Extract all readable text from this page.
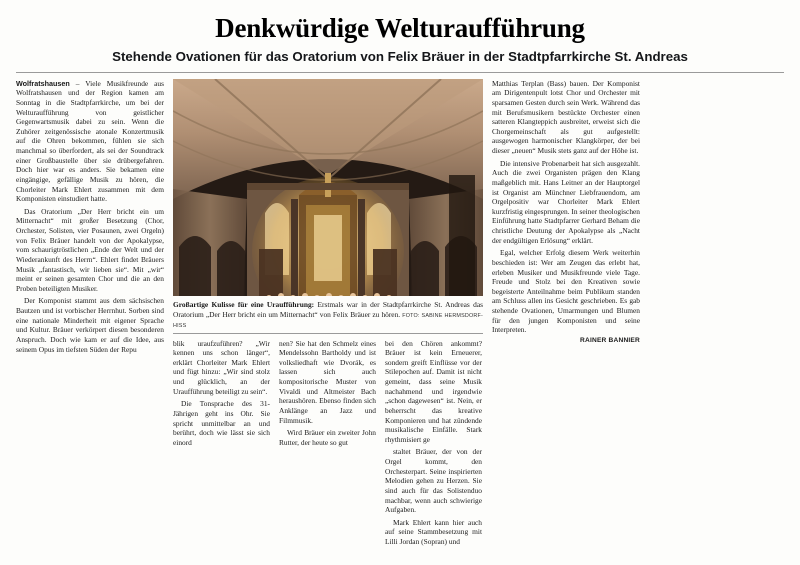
Denkwürdige Welturaufführung
Stehende Ovationen für das Oratorium von Felix Bräuer in der Stadtpfarrkirche St. Andreas

Wolfratshausen – Viele Musikfreunde aus Wolfratshausen und der Region kamen am Sonntag in die Stadtpfarrkirche, um bei der Welturaufführung von geistlicher Gegenwartsmusik dabei zu sein. Wenn die Zuhörer zeitgenössische atonale Konzertmusik auf die Ohren bekommen, fühlen sie sich manchmal so überfordert, als sei der Soundtrack einer Großbaustelle über sie drübergefahren. Doch hier war es anders. Sie bekamen eine eingängige, gefällige Musik zu hören, die Chorleiter Mark Ehlert zusammen mit dem Komponisten einstudiert hatte.

Das Oratorium „Der Herr bricht ein um Mitternacht“ mit großer Besetzung (Chor, Orchester, Solisten, vier Posaunen, zwei Orgeln) von Felix Bräuer handelt von der Apokalypse, vom schaurigtröstlichen „Ende der Welt und der Wiederankunft des Herrn“. Ehlert findet Bräuers Musik „fantastisch, wir lieben sie“. Mit „wir“ meint er seinen gesamten Chor und die an den Proben beteiligten Musiker.

Der Komponist stammt aus dem sächsischen Bautzen und ist vorbischer Herrnhut. Sorben sind eine nationale Minderheit mit eigener Sprache und Kultur. Bräuer verkörpert diesen besonderen Anspruch. Doch wie kam er auf die Idee, aus seinem Opus im tiefsten Süden der Repu

Großartige Kulisse für eine Uraufführung: Erstmals war in der Stadtpfarrkirche St. Andreas das Oratorium „Der Herr bricht ein um Mitternacht“ von Felix Bräuer zu hören. FOTO: SABINE HERMSDORF-HISS

blik uraufzuführen? „Wir kennen uns schon länger“, erklärt Chorleiter Mark Ehlert und fügt hinzu: „Wir sind stolz und glücklich, an der Uraufführung beteiligt zu sein“.

Die Tonsprache des 31-Jährigen geht ins Ohr. Sie spricht unmittelbar an und berührt, doch wie lässt sie sich einord

nen? Sie hat den Schmelz eines Mendelssohn Bartholdy und ist volksliedhaft wie Dvorák, es lassen sich auch kompositorische Muster von Vivaldi und Altmeister Bach heraushören. Ebenso finden sich Anklänge an Jazz und Filmmusik.

Wird Bräuer ein zweiter John Rutter, der heute so gut

bei den Chören ankommt? Bräuer ist kein Erneuerer, sondern greift Einflüsse vor der Stilepochen auf. Damit ist nicht gemeint, dass seine Musik nachahmend und irgendwie „schon dagewesen“ ist. Nein, er beherrscht das kreative Komponieren und hat zündende musikalische Einfälle. Stark rhythmisiert ge

staltet Bräuer, der von der Orgel kommt, den Orchesterpart. Seine inspirierten Melodien gehen zu Herzen. Sie sind auch für das Solistenduo machbar, wenn auch schwierige Aufgaben.

Mark Ehlert kann hier auch auf seine Stammbesetzung mit Lilli Jordan (Sopran) und

Matthias Terplan (Bass) bauen. Der Komponist am Dirigentenpult lotst Chor und Orchester mit sparsamen Gesten durch sein Werk. Während das mit Berufsmusikern bestückte Orchester einen satteren Klangteppich ausbreitet, erweist sich die Chorgemeinschaft als gut aufgestellt: ausgewogen harmonischer Klangkörper, der bei dieser „neuen“ Musik stets ganz auf der Höhe ist.

Die intensive Probenarbeit hat sich ausgezahlt. Auch die zwei Organisten prägen den Klang maßgeblich mit. Hans Leitner an der Hauptorgel ist Organist am Münchner Liebfrauendom, am Orgelpositiv war Chorleiter Mark Ehlert kurzfristig eingesprungen. In seiner theologischen Einführung hatte Stadtpfarrer Gerhard Beham die christliche Deutung der Apokalypse als „Nacht der endgültigen Erlösung“ erklärt.

Egal, welcher Erfolg diesem Werk weiterhin beschieden ist: Wer am Zeugen das erlebt hat, erleben Musiker und Musikfreunde viele Tage. Freude und Stolz bei den Kreativen sowie begeisterte Anteilnahme beim Publikum standen am Schluss allen ins Gesicht geschrieben. Es gab stehende Ovationen, Umarmungen und Blumen für den jungen Komponisten und seine Interpreten.

RAINER BANNIER
